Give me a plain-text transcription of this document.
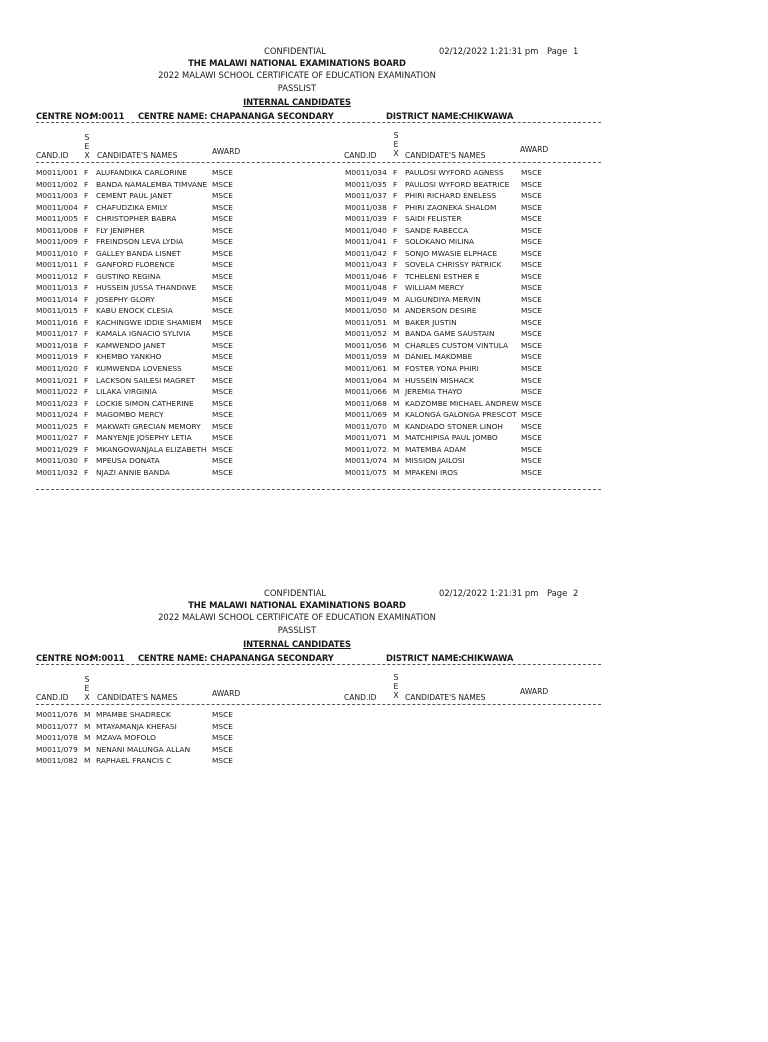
CONFIDENTIAL	02/12/2022 1:21:31 pm Page 1
THE MALAWI NATIONAL EXAMINATIONS BOARD
2022 MALAWI SCHOOL CERTIFICATE OF EDUCATION EXAMINATION
PASSLIST
INTERNAL CANDIDATES
CENTRE NO:
M:0011 CENTRE NAME: CHAPANANGA SECONDARY	DISTRICT NAME: CHIKWAWA
CAND.ID
S
E
X CANDIDATE'S NAMES	AWARD	CAND.ID
S
E
X CANDIDATE'S NAMES
AWARD
M0011/001 F ALUFANDIKA CARLORINE	MSCE
M0011/002 F BANDA NAMALEMBA TIMVANE MSCE
M0011/003 F CEMENT PAUL JANET	MSCE
M0011/004 F CHAFUDZIKA EMILY	MSCE
M0011/005 F CHRISTOPHER BABRA	MSCE
M0011/008 F FLY JENIPHER	MSCE
M0011/009 F FREINDSON LEVA LYDIA	MSCE
M0011/010 F GALLEY BANDA LISNET	MSCE
M0011/011 F GANFORD FLORENCE	MSCE
M0011/012 F GUSTINO REGINA	MSCE
M0011/013 F HUSSEIN JUSSA THANDIWE MSCE
M0011/014 F JOSEPHY GLORY	MSCE
M0011/015 F KABU ENOCK CLESIA	MSCE
M0011/016 F KACHINGWE IDDIE SHAMIEM MSCE
M0011/017 F KAMALA IGNACIO SYLIVIA	MSCE
M0011/018 F KAMWENDO JANET	MSCE
M0011/019 F KHEMBO YANKHO	MSCE
M0011/020 F KUMWENDA LOVENESS	MSCE
M0011/021 F LACKSON SAILESI MAGRET MSCE
M0011/022 F LILAKA VIRGINIA	MSCE
M0011/023 F LOCKIE SIMON CATHERINE MSCE
M0011/024 F MAGOMBO MERCY	MSCE
M0011/025 F MAKWATI GRECIAN MEMORY MSCE
M0011/027 F MANYENJE JOSEPHY LETIA	MSCE
M0011/029 F MKANGOWANJALA ELIZABETH MSCE
M0011/030 F MPEUSA DONATA	MSCE
M0011/032 F NJAZI ANNIE BANDA	MSCE
M0011/034 F PAULOSI WYFORD AGNESS MSCE
M0011/035 F PAULOSI WYFORD BEATRICE MSCE
M0011/037 F PHIRI RICHARD ENELESS	MSCE
M0011/038 F PHIRI ZAONEKA SHALOM	MSCE
M0011/039 F SAIDI FELISTER	MSCE
M0011/040 F SANDE RABECCA	MSCE
M0011/041 F SOLOKANO MILINA	MSCE
M0011/042 F SONJO MWASIE ELPHACE	MSCE
M0011/043 F SOVELA CHRISSY PATRICK	MSCE
M0011/046 F TCHELENI ESTHER E	MSCE
M0011/048 F WILLIAM MERCY	MSCE
M0011/049 M ALIGUNDIYA MERVIN	MSCE
M0011/050 M ANDERSON DESIRE	MSCE
M0011/051 M BAKER JUSTIN	MSCE
M0011/052 M BANDA GAME SAUSTAIN	MSCE
M0011/056 M CHARLES CUSTOM VINTULA MSCE
M0011/059 M DANIEL MAKOMBE	MSCE
M0011/061 M FOSTER YONA PHIRI	MSCE
M0011/064 M HUSSEIN MISHACK	MSCE
M0011/066 M JEREMIA THAYO	MSCE
M0011/068 M KADZOMBE MICHAEL ANDREW MSCE
M0011/069 M KALONGA GALONGA PRESCOT MSCE
M0011/070 M KANDIADO STONER LINOH MSCE
M0011/071 M MATCHIPISA PAUL JOMBO	MSCE
M0011/072 M MATEMBA ADAM	MSCE
M0011/074 M MISSION JAILOSI	MSCE
M0011/075 M MPAKENI IROS	MSCE
CONFIDENTIAL	02/12/2022 1:21:31 pm Page 2
THE MALAWI NATIONAL EXAMINATIONS BOARD
2022 MALAWI SCHOOL CERTIFICATE OF EDUCATION EXAMINATION
PASSLIST
INTERNAL CANDIDATES
CENTRE NO:
M:0011 CENTRE NAME: CHAPANANGA SECONDARY	DISTRICT NAME: CHIKWAWA
CAND.ID
S
E
X CANDIDATE'S NAMES	AWARD	CAND.ID
S
E
X CANDIDATE'S NAMES
AWARD
M0011/076 M MPAMBE SHADRECK	MSCE
M0011/077 M MTAYAMANJA KHEFASI	MSCE
M0011/078 M MZAVA MOFOLO	MSCE
M0011/079 M NENANI MALUNGA ALLAN	MSCE
M0011/082 M RAPHAEL FRANCIS C	MSCE
